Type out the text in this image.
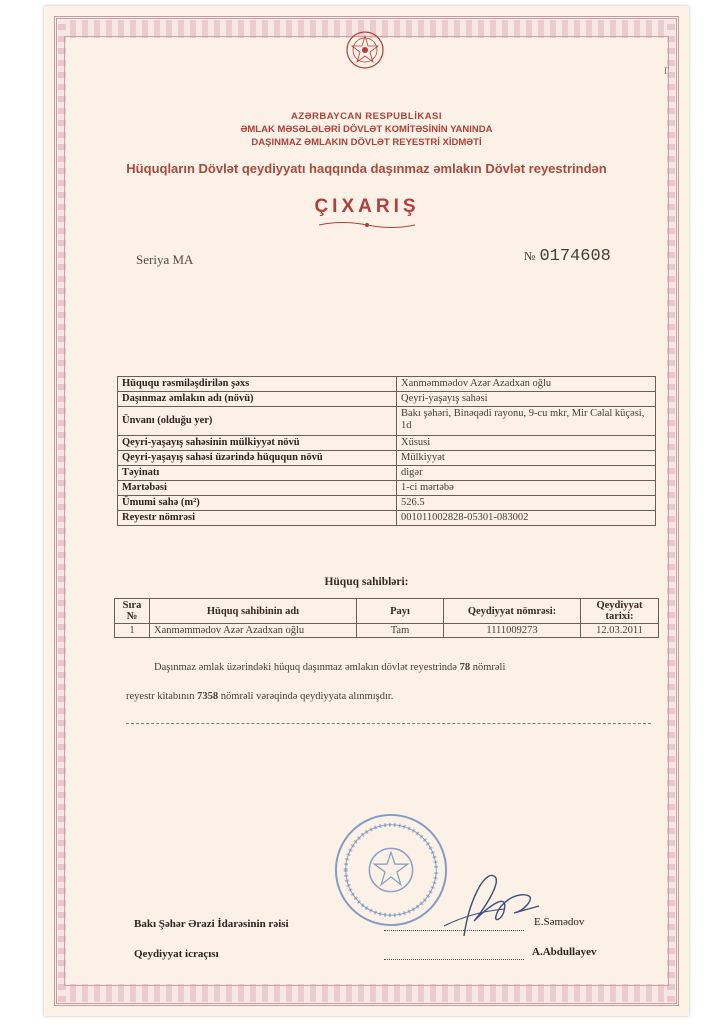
Γ
AZƏRBAYCAN RESPUBLİKASI
ƏMLAK MƏSƏLƏLƏRİ DÖVLƏT KOMİTƏSİNİN YANINDA
DAŞINMAZ ƏMLAKIN DÖVLƏT REYESTRİ XİDMƏTİ
Hüquqların Dövlət qeydiyyatı haqqında daşınmaz əmlakın Dövlət reyestrindən
ÇIXARIŞ
Seriya MA	№ 0174608
Hüququ rəsmiləşdirilən şəxs	Xanməmmədov Azər Azadxan oğlu
Daşınmaz əmlakın adı (növü)	Qeyri-yaşayış sahəsi
Ünvanı (olduğu yer)	Bakı şəhəri, Binəqədi rayonu, 9-cu mkr, Mir Cəlal küçəsi, 1d
Qeyri-yaşayış sahəsinin mülkiyyət növü	Xüsusi
Qeyri-yaşayış sahəsi üzərində hüququn növü	Mülkiyyət
Təyinatı	digər
Mərtəbəsi	1-ci mərtəbə
Ümumi sahə (m²)	526.5
Reyestr nömrəsi	001011002828-05301-083002
Hüquq sahibləri:
Sıra №	Hüquq sahibinin adı	Payı	Qeydiyyat nömrəsi:	Qeydiyyat tarixi:
1	Xanməmmədov Azər Azadxan oğlu	Tam	1111009273	12.03.2011
Daşınmaz əmlak üzərindəki hüquq daşınmaz əmlakın dövlət reyestrində 78 nömrəli
reyestr kitabının 7358 nömrəli vərəqində qeydiyyata alınmışdır.
Bakı Şəhər Ərazi İdarəsinin rəisi	E.Səmədov
Qeydiyyat icraçısı	A.Abdullayev
